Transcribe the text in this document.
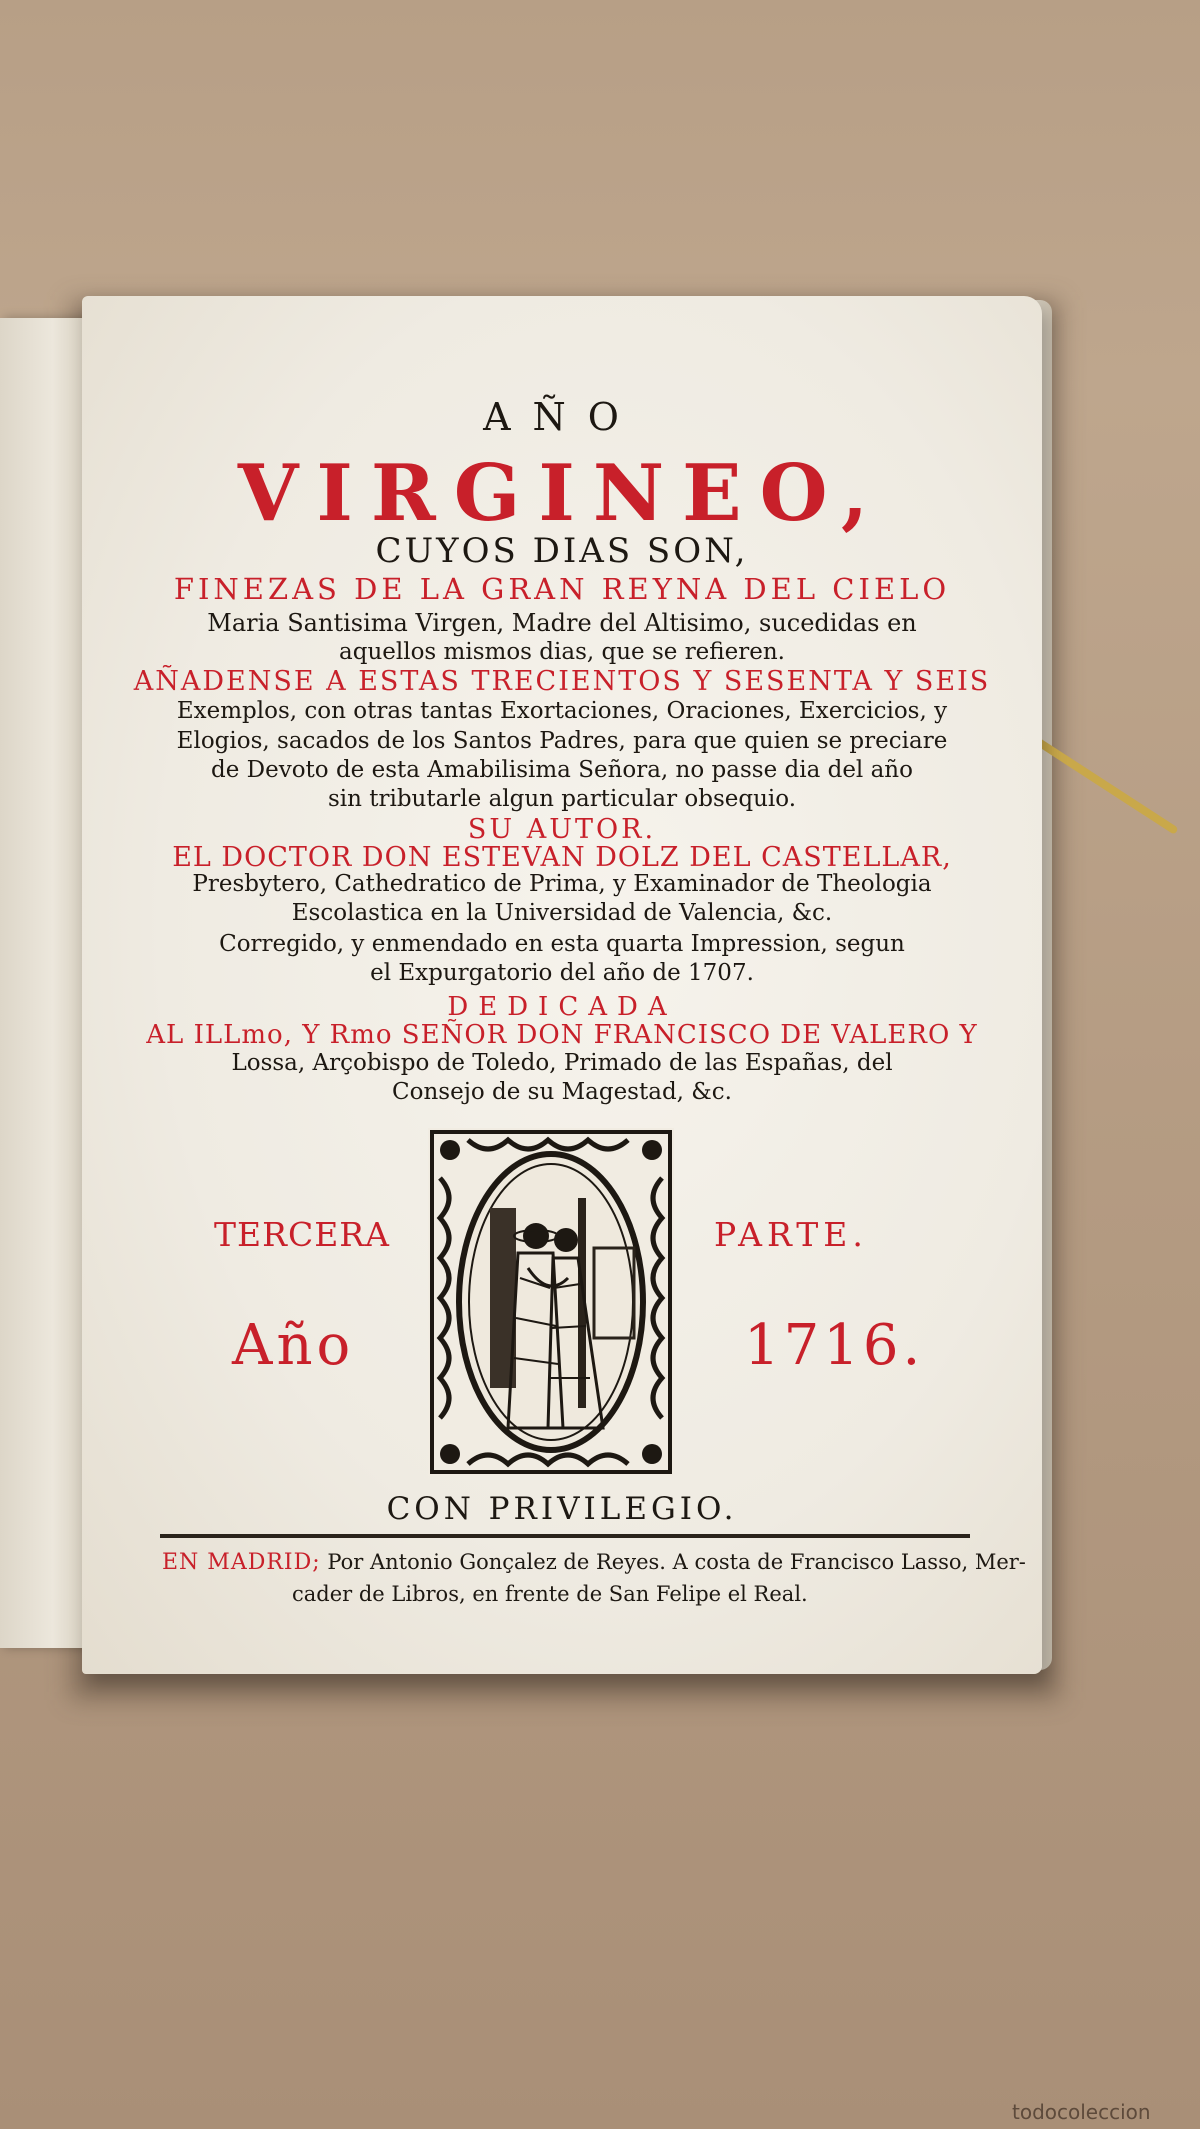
AÑO
VIRGINEO,
CUYOS DIAS SON,
FINEZAS DE LA GRAN REYNA DEL CIELO
Maria Santisima Virgen, Madre del Altisimo, sucedidas en
aquellos mismos dias, que se refieren.
AÑADENSE A ESTAS TRECIENTOS Y SESENTA Y SEIS
Exemplos, con otras tantas Exortaciones, Oraciones, Exercicios, y
Elogios, sacados de los Santos Padres, para que quien se preciare
de Devoto de esta Amabilisima Señora, no passe dia del año
sin tributarle algun particular obsequio.
SU AUTOR.
EL DOCTOR DON ESTEVAN DOLZ DEL CASTELLAR,
Presbytero, Cathedratico de Prima, y Examinador de Theologia
Escolastica en la Universidad de Valencia, &c.
Corregido, y enmendado en esta quarta Impression, segun
el Expurgatorio del año de 1707.
DEDICADA
AL ILLmo, Y Rmo SEÑOR DON FRANCISCO DE VALERO Y
Lossa, Arçobispo de Toledo, Primado de las Españas, del
Consejo de su Magestad, &c.
TERCERA	PARTE.
Año	1716.
CON PRIVILEGIO.
EN MADRID; Por Antonio Gonçalez de Reyes. A costa de Francisco Lasso, Mer-
cader de Libros, en frente de San Felipe el Real.
todocoleccion
